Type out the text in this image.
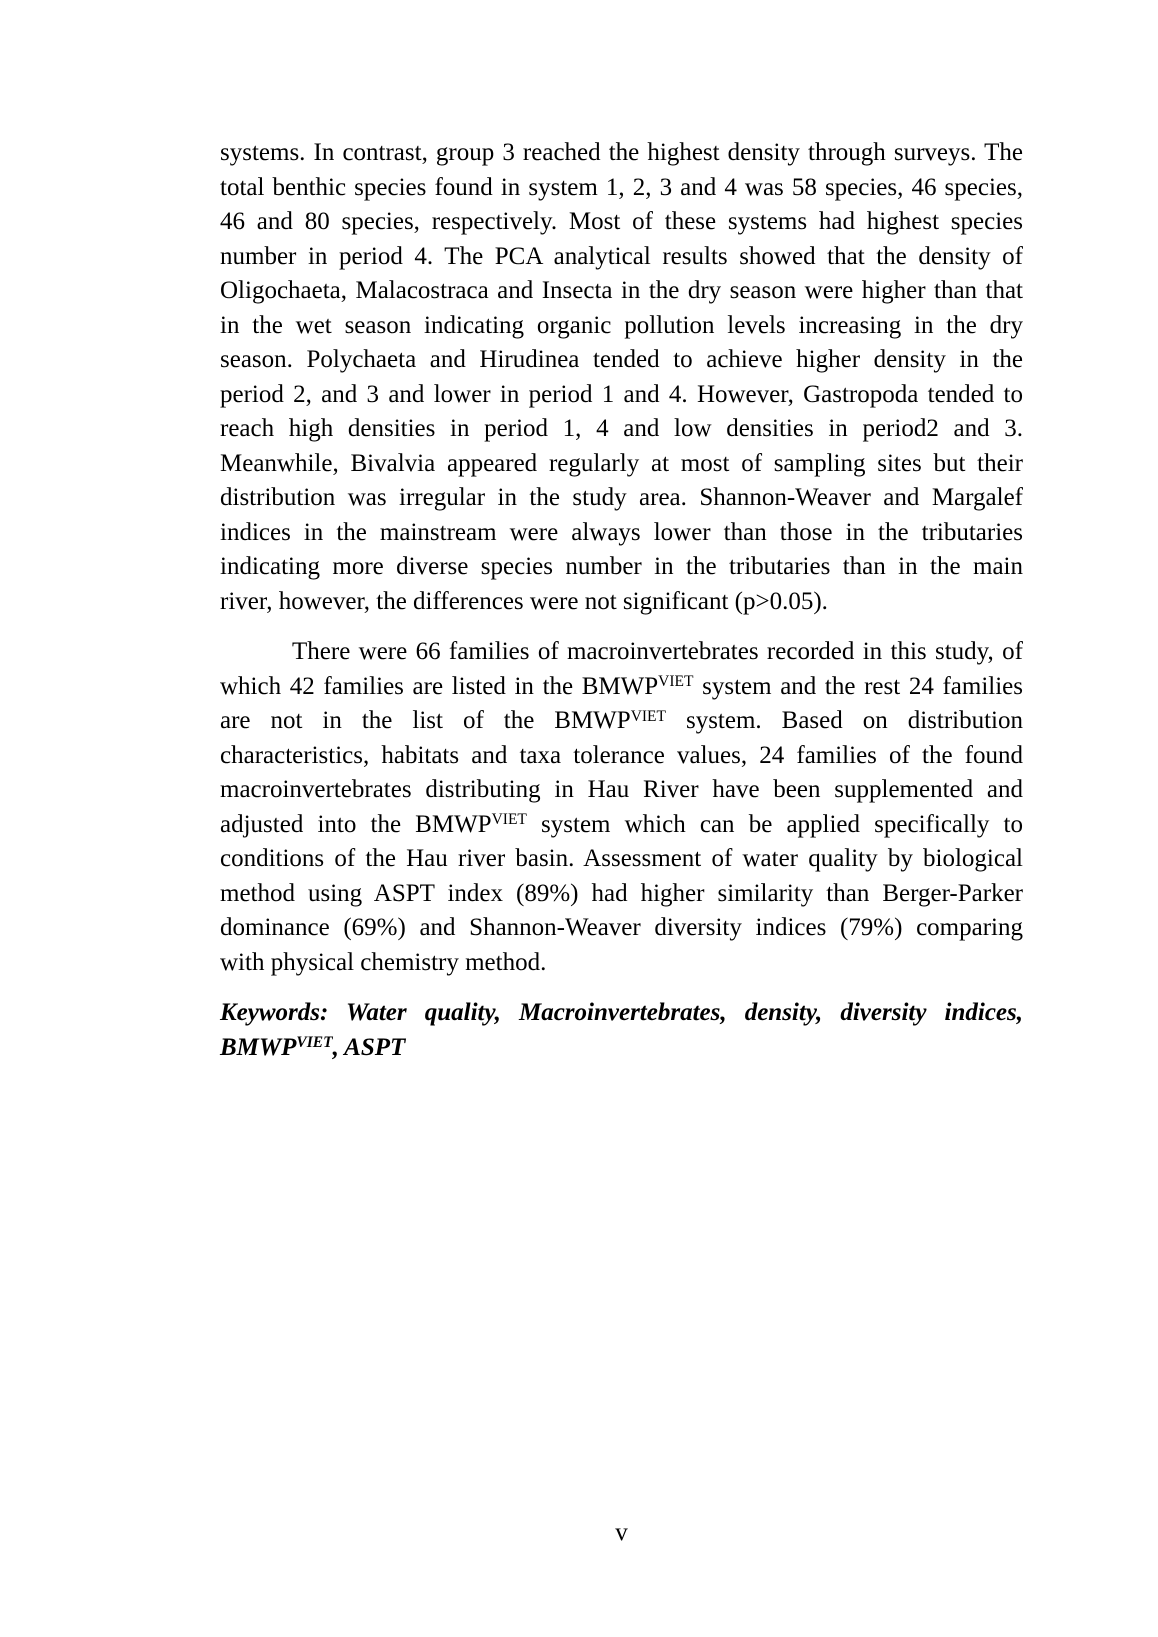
systems. In contrast, group 3 reached the highest density through surveys. The
total benthic species found in system 1, 2, 3 and 4 was 58 species, 46 species,
46 and 80 species, respectively. Most of these systems had highest species
number in period 4. The PCA analytical results showed that the density of
Oligochaeta, Malacostraca and Insecta in the dry season were higher than that
in the wet season indicating organic pollution levels increasing in the dry
season. Polychaeta and Hirudinea tended to achieve higher density in the
period 2, and 3 and lower in period 1 and 4. However, Gastropoda tended to
reach high densities in period 1, 4 and low densities in period2 and 3.
Meanwhile, Bivalvia appeared regularly at most of sampling sites but their
distribution was irregular in the study area. Shannon-Weaver and Margalef
indices in the mainstream were always lower than those in the tributaries
indicating more diverse species number in the tributaries than in the main
river, however, the differences were not significant (p>0.05).
There were 66 families of macroinvertebrates recorded in this study, of
which 42 families are listed in the $BMWP^{VIET}$ system and the rest 24 families
are not in the list of the $BMWP^{VIET}$ system. Based on distribution
characteristics, habitats and taxa tolerance values, 24 families of the found
macroinvertebrates distributing in Hau River have been supplemented and
adjusted into the $BMWP^{VIET}$ system which can be applied specifically to
conditions of the Hau river basin. Assessment of water quality by biological
method using ASPT index (89%) had higher similarity than Berger-Parker
dominance (69%) and Shannon-Weaver diversity indices (79%) comparing
with physical chemistry method.
Keywords: Water quality, Macroinvertebrates, density, diversity indices,
$BMWP^{VIET}$, ASPT
v
